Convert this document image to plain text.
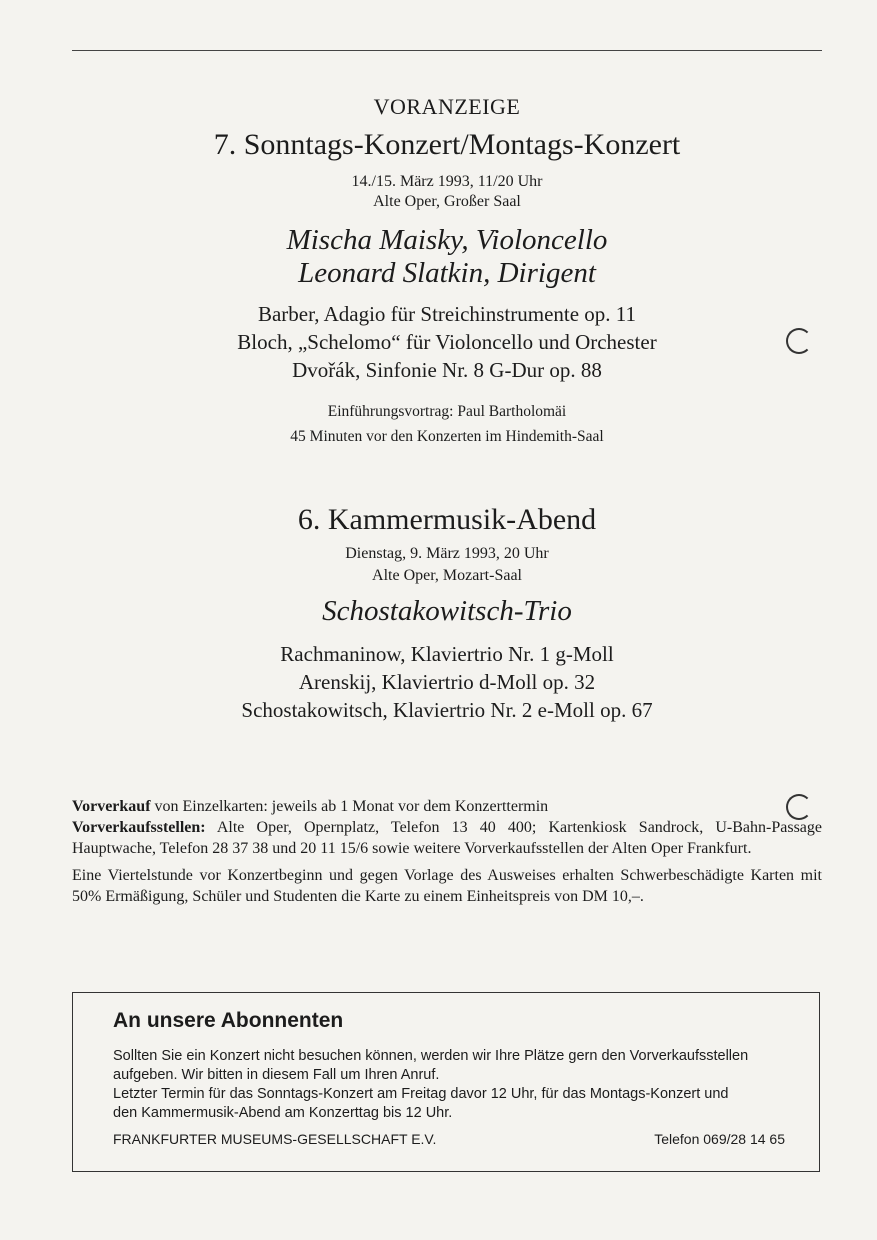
VORANZEIGE
7. Sonntags-Konzert/Montags-Konzert
14./15. März 1993, 11/20 Uhr
Alte Oper, Großer Saal
Mischa Maisky, Violoncello
Leonard Slatkin, Dirigent
Barber, Adagio für Streichinstrumente op. 11
Bloch, „Schelomo“ für Violoncello und Orchester
Dvořák, Sinfonie Nr. 8 G-Dur op. 88
Einführungsvortrag: Paul Bartholomäi
45 Minuten vor den Konzerten im Hindemith-Saal
6. Kammermusik-Abend
Dienstag, 9. März 1993, 20 Uhr
Alte Oper, Mozart-Saal
Schostakowitsch-Trio
Rachmaninow, Klaviertrio Nr. 1 g-Moll
Arenskij, Klaviertrio d-Moll op. 32
Schostakowitsch, Klaviertrio Nr. 2 e-Moll op. 67

Vorverkauf von Einzelkarten: jeweils ab 1 Monat vor dem Konzerttermin

Vorverkaufsstellen: Alte Oper, Opernplatz, Telefon 13 40 400; Kartenkiosk Sandrock, U-Bahn-Passage Hauptwache, Telefon 28 37 38 und 20 11 15/6 sowie weitere Vorverkaufsstellen der Alten Oper Frankfurt.

Eine Viertelstunde vor Konzertbeginn und gegen Vorlage des Ausweises erhalten Schwerbeschädigte Karten mit 50% Ermäßigung, Schüler und Studenten die Karte zu einem Einheitspreis von DM 10,–.

An unsere Abonnenten

Sollten Sie ein Konzert nicht besuchen können, werden wir Ihre Plätze gern den Vorverkaufsstellen aufgeben. Wir bitten in diesem Fall um Ihren Anruf.

Letzter Termin für das Sonntags-Konzert am Freitag davor 12 Uhr, für das Montags-Konzert und den Kammermusik-Abend am Konzerttag bis 12 Uhr.

FRANKFURTER MUSEUMS-GESELLSCHAFT E.V.	Telefon 069/28 14 65
